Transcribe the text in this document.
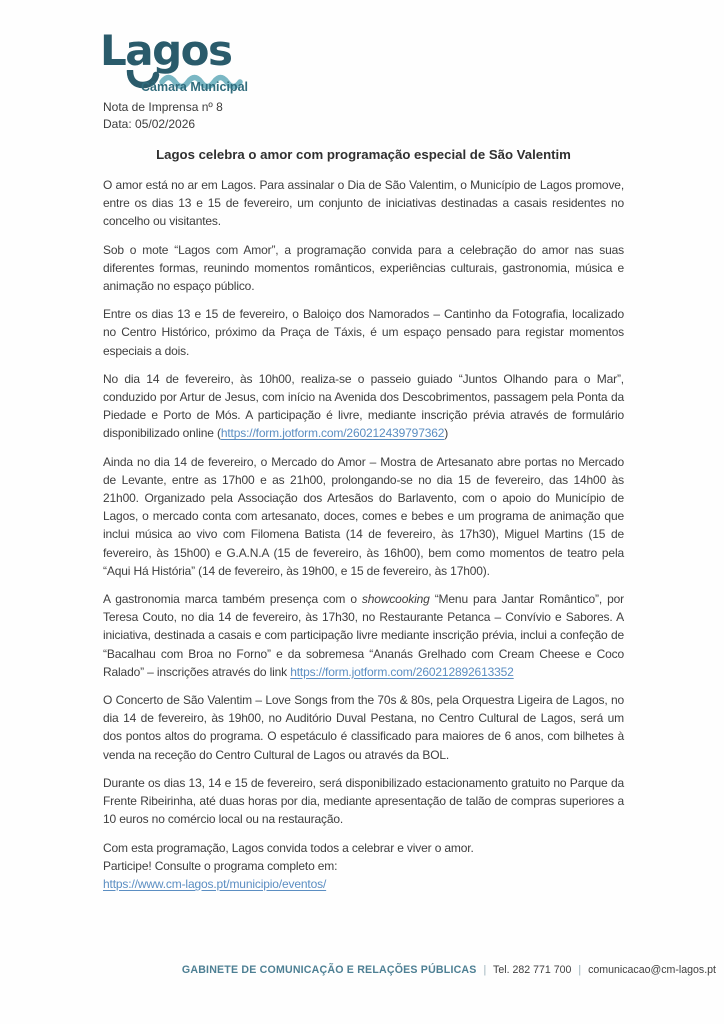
Lagos
Câmara Municipal
Nota de Imprensa nº 8
Data: 05/02/2026
Lagos celebra o amor com programação especial de São Valentim
O amor está no ar em Lagos. Para assinalar o Dia de São Valentim, o Município de Lagos promove, entre os dias 13 e 15 de fevereiro, um conjunto de iniciativas destinadas a casais residentes no concelho ou visitantes.
Sob o mote “Lagos com Amor”, a programação convida para a celebração do amor nas suas diferentes formas, reunindo momentos românticos, experiências culturais, gastronomia, música e animação no espaço público.
Entre os dias 13 e 15 de fevereiro, o Baloiço dos Namorados – Cantinho da Fotografia, localizado no Centro Histórico, próximo da Praça de Táxis, é um espaço pensado para registar momentos especiais a dois.
No dia 14 de fevereiro, às 10h00, realiza-se o passeio guiado “Juntos Olhando para o Mar”, conduzido por Artur de Jesus, com início na Avenida dos Descobrimentos, passagem pela Ponta da Piedade e Porto de Mós. A participação é livre, mediante inscrição prévia através de formulário disponibilizado online (https://form.jotform.com/260212439797362)
Ainda no dia 14 de fevereiro, o Mercado do Amor – Mostra de Artesanato abre portas no Mercado de Levante, entre as 17h00 e as 21h00, prolongando-se no dia 15 de fevereiro, das 14h00 às 21h00. Organizado pela Associação dos Artesãos do Barlavento, com o apoio do Município de Lagos, o mercado conta com artesanato, doces, comes e bebes e um programa de animação que inclui música ao vivo com Filomena Batista (14 de fevereiro, às 17h30), Miguel Martins (15 de fevereiro, às 15h00) e G.A.N.A (15 de fevereiro, às 16h00), bem como momentos de teatro pela “Aqui Há História” (14 de fevereiro, às 19h00, e 15 de fevereiro, às 17h00).
A gastronomia marca também presença com o showcooking “Menu para Jantar Romântico”, por Teresa Couto, no dia 14 de fevereiro, às 17h30, no Restaurante Petanca – Convívio e Sabores. A iniciativa, destinada a casais e com participação livre mediante inscrição prévia, inclui a confeção de “Bacalhau com Broa no Forno” e da sobremesa “Ananás Grelhado com Cream Cheese e Coco Ralado” – inscrições através do link https://form.jotform.com/260212892613352
O Concerto de São Valentim – Love Songs from the 70s & 80s, pela Orquestra Ligeira de Lagos, no dia 14 de fevereiro, às 19h00, no Auditório Duval Pestana, no Centro Cultural de Lagos, será um dos pontos altos do programa. O espetáculo é classificado para maiores de 6 anos, com bilhetes à venda na receção do Centro Cultural de Lagos ou através da BOL.
Durante os dias 13, 14 e 15 de fevereiro, será disponibilizado estacionamento gratuito no Parque da Frente Ribeirinha, até duas horas por dia, mediante apresentação de talão de compras superiores a 10 euros no comércio local ou na restauração.
Com esta programação, Lagos convida todos a celebrar e viver o amor.
Participe! Consulte o programa completo em:
https://www.cm-lagos.pt/municipio/eventos/
GABINETE DE COMUNICAÇÃO E RELAÇÕES PÚBLICAS | Tel. 282 771 700 | comunicacao@cm-lagos.pt
